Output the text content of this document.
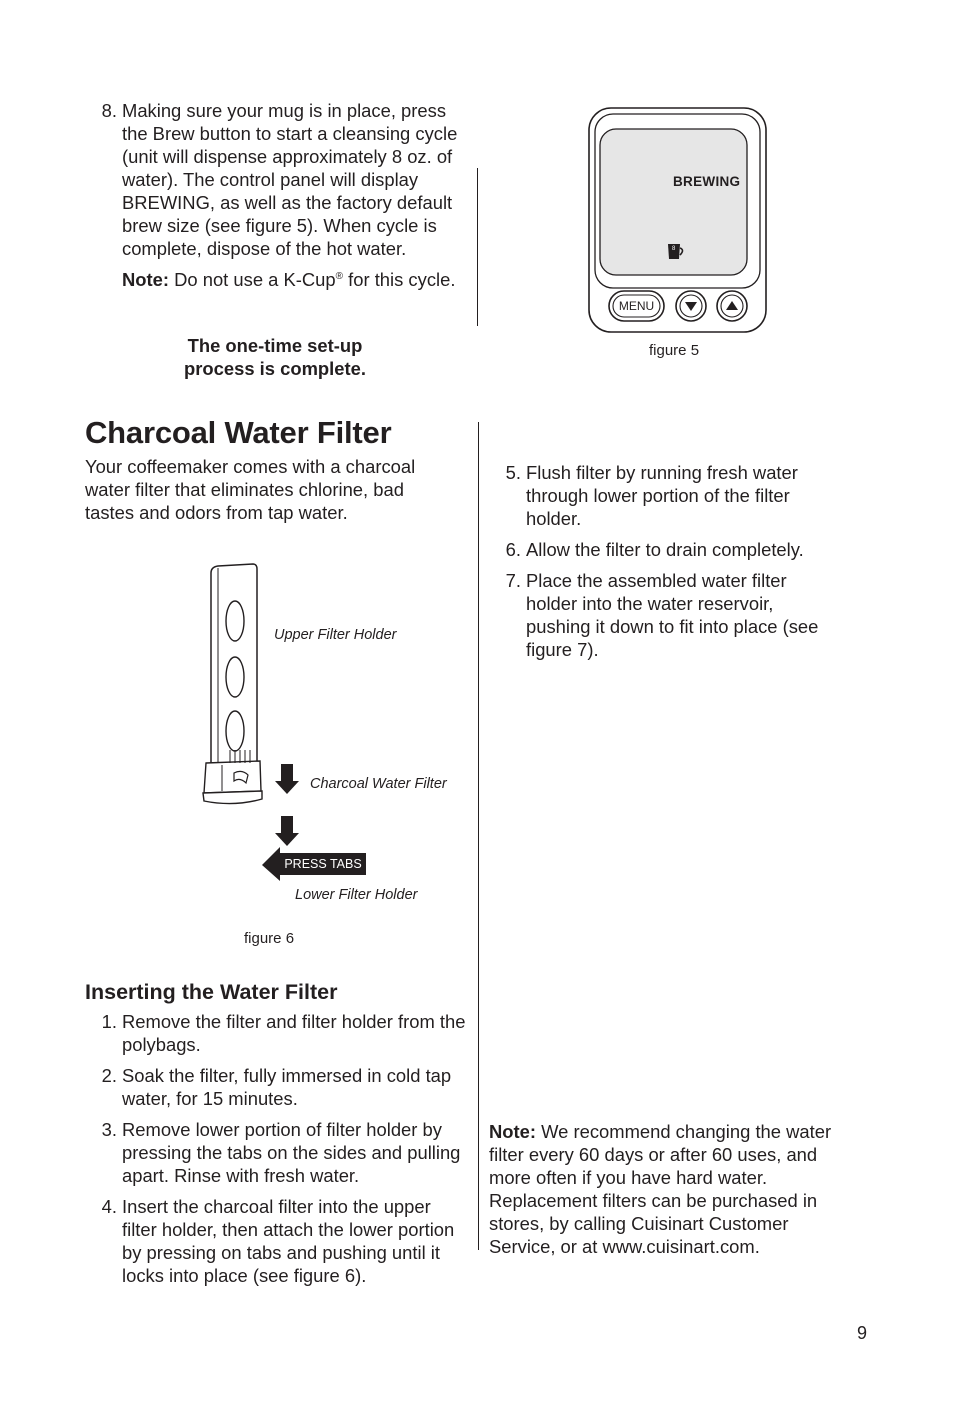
8. Making sure your mug is in place, press the Brew button to start a cleansing cycle (unit will dispense approximately 8 oz. of water). The control panel will display BREWING, as well as the factory default brew size (see figure 5). When cycle is complete, dispose of the hot water.
Note: Do not use a K-Cup® for this cycle.
The one-time set-up
process is complete.
8
BREWING
MENU
figure 5
Charcoal Water Filter
Your coffeemaker comes with a charcoal water filter that eliminates chlorine, bad tastes and odors from tap water.
Upper Filter Holder
Charcoal Water Filter
PRESS TABS
Lower Filter Holder
figure 6
Inserting the Water Filter
1. Remove the filter and filter holder from the polybags.
2. Soak the filter, fully immersed in cold tap water, for 15 minutes.
3. Remove lower portion of filter holder by pressing the tabs on the sides and pulling apart. Rinse with fresh water.
4. Insert the charcoal filter into the upper filter holder, then attach the lower portion by pressing on tabs and pushing until it locks into place (see figure 6).
5. Flush filter by running fresh water through lower portion of the filter holder.
6. Allow the filter to drain completely.
7. Place the assembled water filter holder into the water reservoir, pushing it down to fit into place (see figure 7).
Note: We recommend changing the water filter every 60 days or after 60 uses, and more often if you have hard water. Replacement filters can be purchased in stores, by calling Cuisinart Customer Service, or at www.cuisinart.com.
9
